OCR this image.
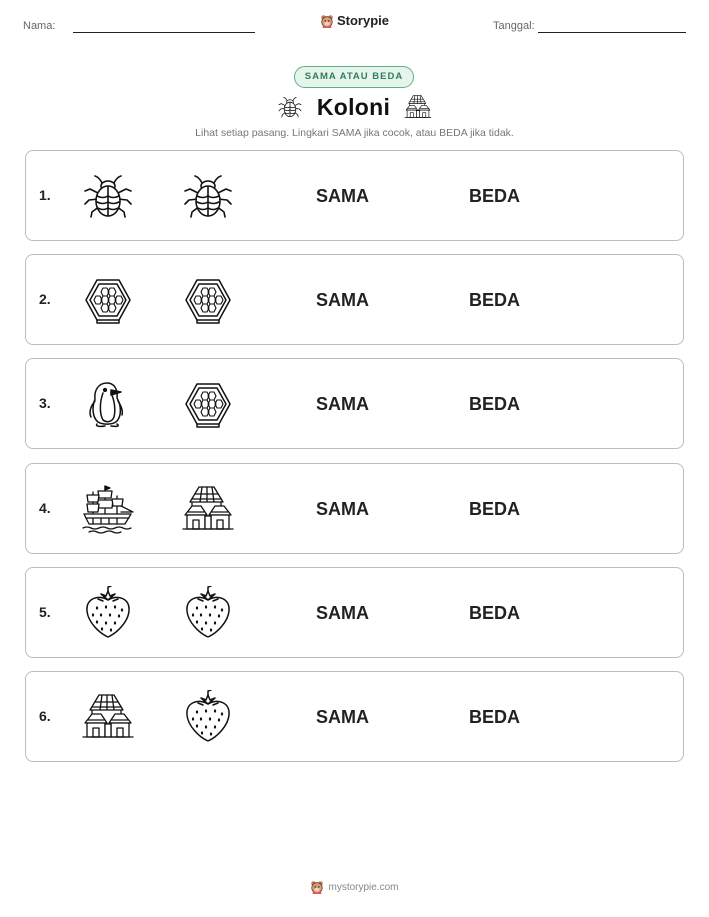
Nama:	Storypie	Tanggal:
SAMA ATAU BEDA
Koloni
Lihat setiap pasang. Lingkari SAMA jika cocok, atau BEDA jika tidak.
1.	SAMA	BEDA
2.	SAMA	BEDA
3.	SAMA	BEDA
4.	SAMA	BEDA
5.	SAMA	BEDA
6.	SAMA	BEDA
mystorypie.com
